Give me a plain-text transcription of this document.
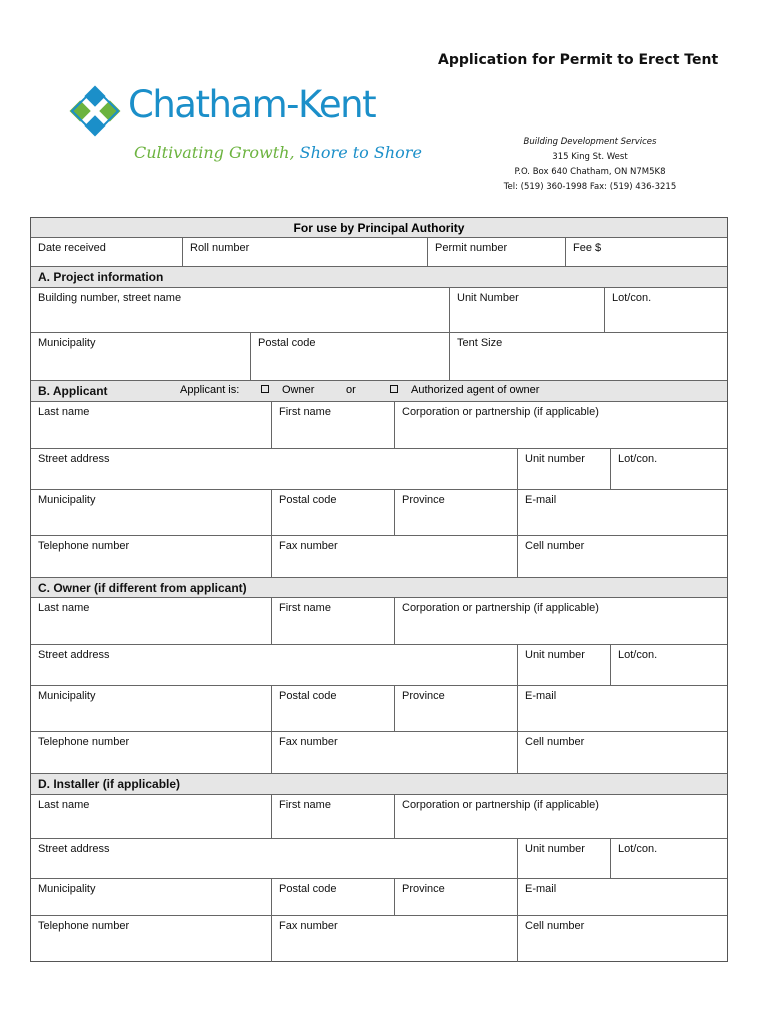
Application for Permit to Erect Tent
Chatham-Kent
Cultivating Growth, Shore to Shore
Building Development Services
315 King St. West
P.O. Box 640 Chatham, ON N7M5K8
Tel: (519) 360-1998 Fax: (519) 436-3215
For use by Principal Authority
Date received	Roll number	Permit number	Fee $
A. Project information
Building number, street name	Unit Number	Lot/con.
Municipality	Postal code	Tent Size
B. Applicant	Applicant is:	Owner	or	Authorized agent of owner
Last name	First name	Corporation or partnership (if applicable)
Street address	Unit number	Lot/con.
Municipality	Postal code	Province	E-mail
Telephone number	Fax number	Cell number
C. Owner (if different from applicant)
Last name	First name	Corporation or partnership (if applicable)
Street address	Unit number	Lot/con.
Municipality	Postal code	Province	E-mail
Telephone number	Fax number	Cell number
D. Installer (if applicable)
Last name	First name	Corporation or partnership (if applicable)
Street address	Unit number	Lot/con.
Municipality	Postal code	Province	E-mail
Telephone number	Fax number	Cell number
